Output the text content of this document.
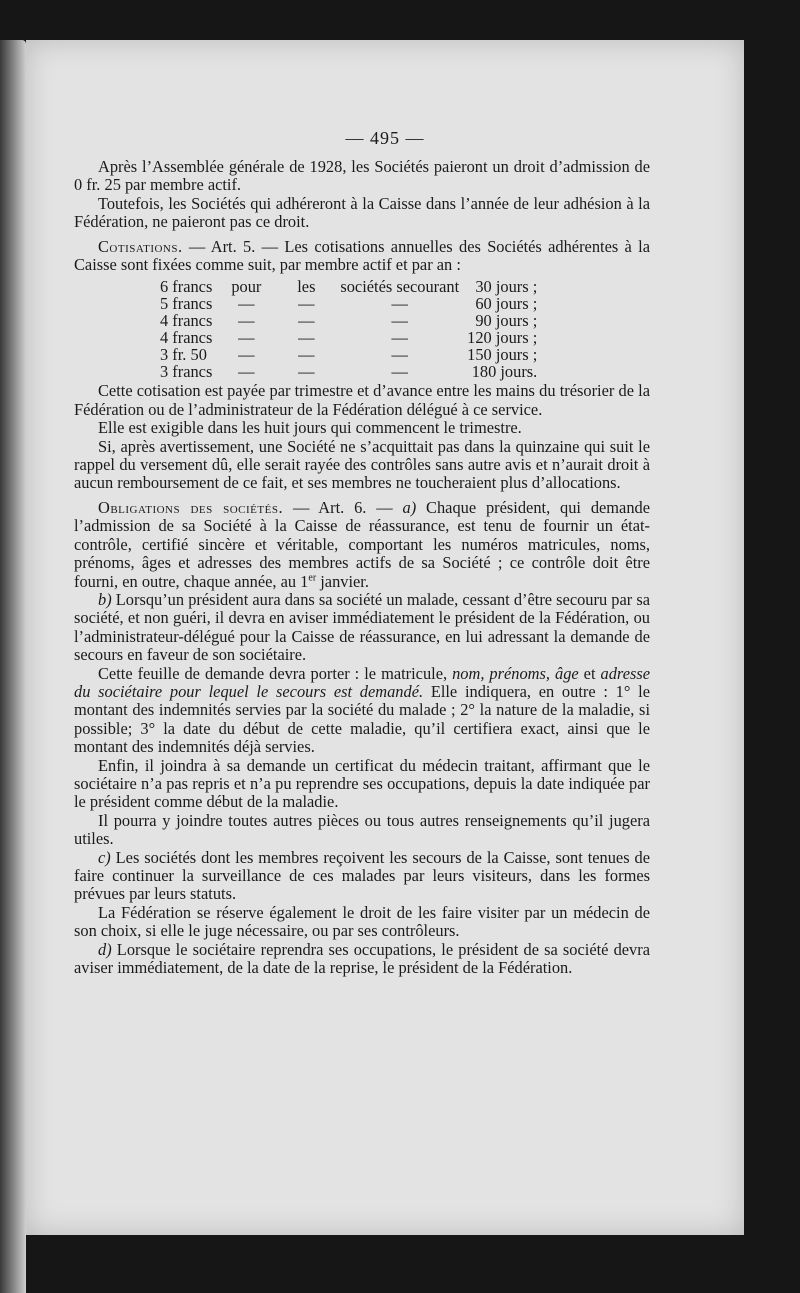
— 495 —

Après l’Assemblée générale de 1928, les Sociétés paieront un droit d’admission de 0 fr. 25 par membre actif.

Toutefois, les Sociétés qui adhéreront à la Caisse dans l’année de leur adhésion à la Fédération, ne paieront pas ce droit.

Cotisations. — Art. 5. — Les cotisations annuelles des Sociétés adhérentes à la Caisse sont fixées comme suit, par membre actif et par an :

6 francs	pour	les	sociétés secourant	30 jours ;
5 francs	—	—	—	60 jours ;
4 francs	—	—	—	90 jours ;
4 francs	—	—	—	120 jours ;
3 fr. 50	—	—	—	150 jours ;
3 francs	—	—	—	180 jours.

Cette cotisation est payée par trimestre et d’avance entre les mains du trésorier de la Fédération ou de l’administrateur de la Fédération délégué à ce service.

Elle est exigible dans les huit jours qui commencent le trimestre.

Si, après avertissement, une Société ne s’acquittait pas dans la quinzaine qui suit le rappel du versement dû, elle serait rayée des contrôles sans autre avis et n’aurait droit à aucun remboursement de ce fait, et ses membres ne toucheraient plus d’allocations.

Obligations des sociétés. — Art. 6. — a) Chaque président, qui demande l’admission de sa Société à la Caisse de réassurance, est tenu de fournir un état-contrôle, certifié sincère et véritable, comportant les numéros matricules, noms, prénoms, âges et adresses des membres actifs de sa Société ; ce contrôle doit être fourni, en outre, chaque année, au 1er janvier.

b) Lorsqu’un président aura dans sa société un malade, cessant d’être secouru par sa société, et non guéri, il devra en aviser immédiatement le président de la Fédération, ou l’administrateur-délégué pour la Caisse de réassurance, en lui adressant la demande de secours en faveur de son sociétaire.

Cette feuille de demande devra porter : le matricule, nom, prénoms, âge et adresse du sociétaire pour lequel le secours est demandé. Elle indiquera, en outre : 1° le montant des indemnités servies par la société du malade ; 2° la nature de la maladie, si possible; 3° la date du début de cette maladie, qu’il certifiera exact, ainsi que le montant des indemnités déjà servies.

Enfin, il joindra à sa demande un certificat du médecin traitant, affirmant que le sociétaire n’a pas repris et n’a pu reprendre ses occupations, depuis la date indiquée par le président comme début de la maladie.

Il pourra y joindre toutes autres pièces ou tous autres renseignements qu’il jugera utiles.

c) Les sociétés dont les membres reçoivent les secours de la Caisse, sont tenues de faire continuer la surveillance de ces malades par leurs visiteurs, dans les formes prévues par leurs statuts.

La Fédération se réserve également le droit de les faire visiter par un médecin de son choix, si elle le juge nécessaire, ou par ses contrôleurs.

d) Lorsque le sociétaire reprendra ses occupations, le président de sa société devra aviser immédiatement, de la date de la reprise, le président de la Fédération.
